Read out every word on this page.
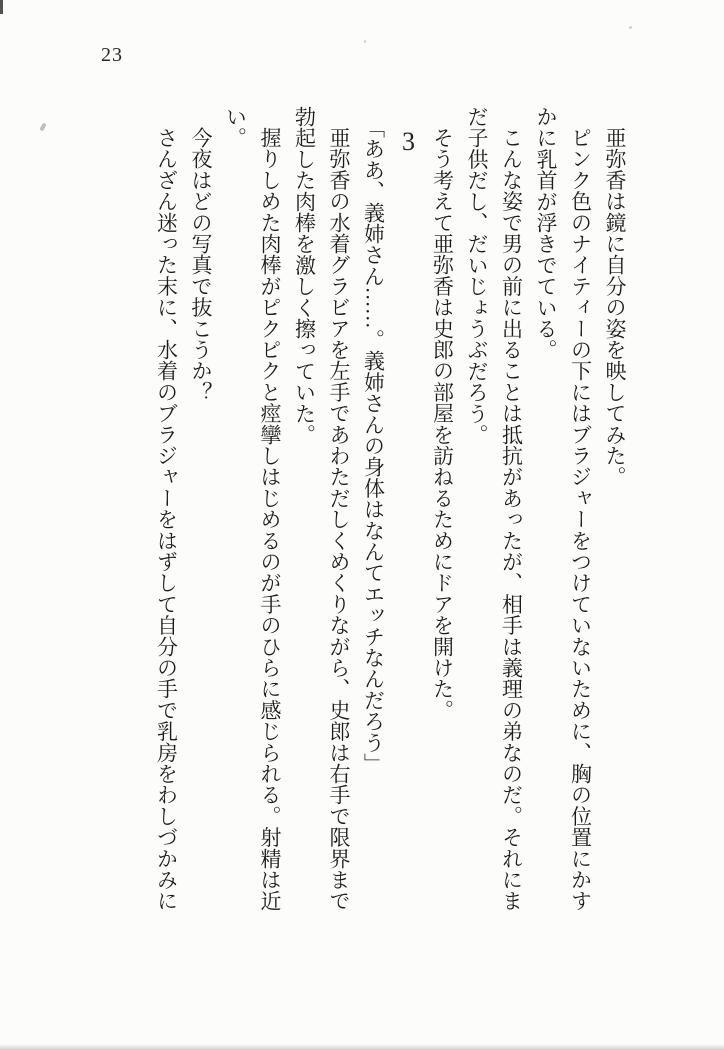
23

亜弥香は鏡に自分の姿を映してみた。

ピンク色のナイティーの下にはブラジャーをつけていないために、胸の位置にかすかに乳首が浮きでている。

こんな姿で男の前に出ることは抵抗があったが、相手は義理の弟なのだ。それにまだ子供だし、だいじょうぶだろう。

そう考えて亜弥香は史郎の部屋を訪ねるためにドアを開けた。

3

「ああ、義姉さん……。義姉さんの身体はなんてエッチなんだろう」

亜弥香の水着グラビアを左手であわただしくめくりながら、史郎は右手で限界まで勃起した肉棒を激しく擦っていた。

握りしめた肉棒がピクピクと痙攣しはじめるのが手のひらに感じられる。射精は近い。

今夜はどの写真で抜こうか？

さんざん迷った末に、水着のブラジャーをはずして自分の手で乳房をわしづかみに
